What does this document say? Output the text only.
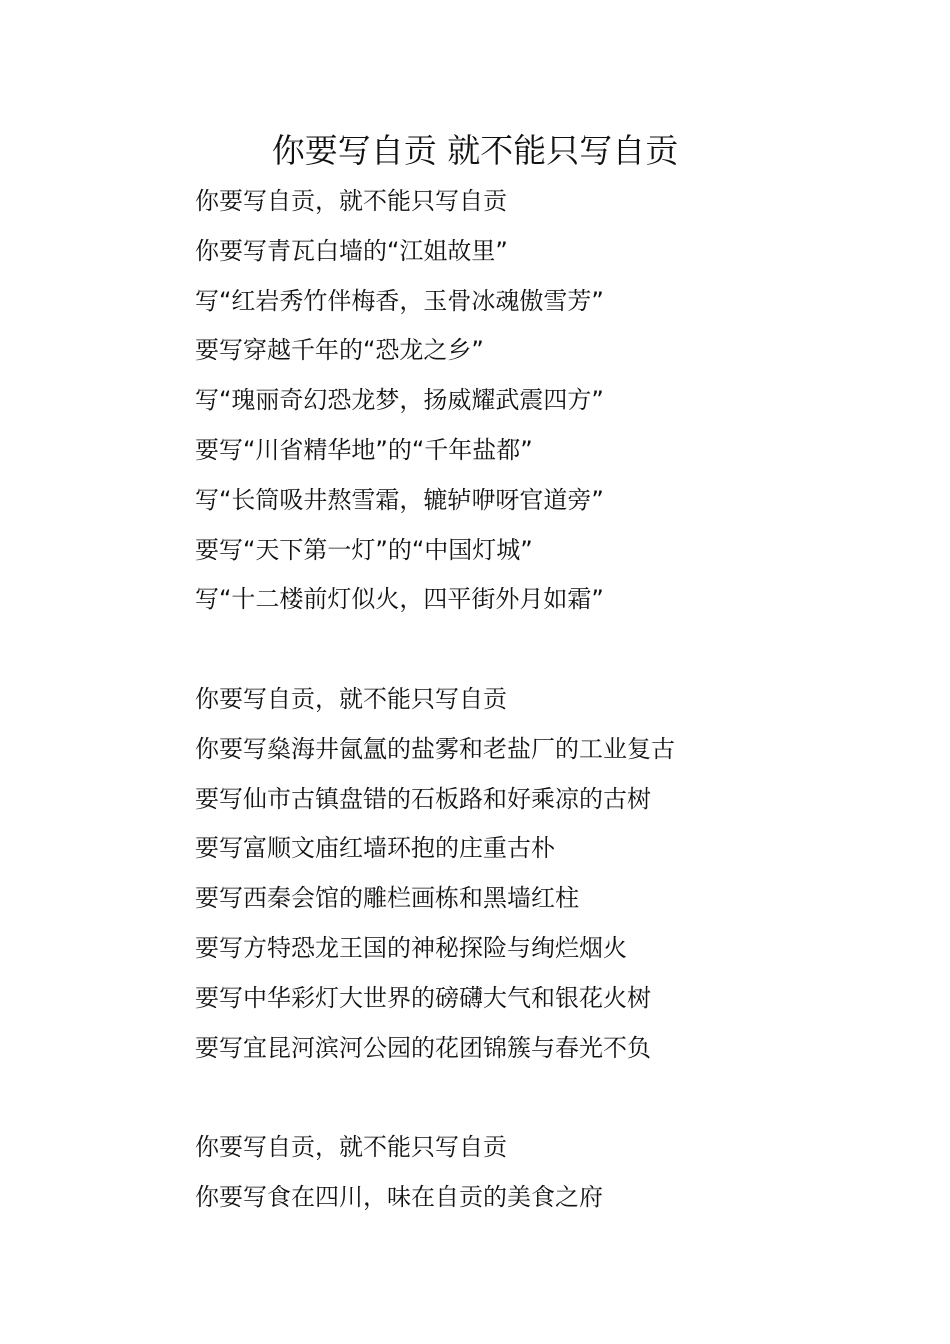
你要写自贡 就不能只写自贡
你要写自贡，就不能只写自贡
你要写青瓦白墙的“江姐故里”
写“红岩秀竹伴梅香，玉骨冰魂傲雪芳”
要写穿越千年的“恐龙之乡”
写“瑰丽奇幻恐龙梦，扬威耀武震四方”
要写“川省精华地”的“千年盐都”
写“长筒吸井熬雪霜，辘轳咿呀官道旁”
要写“天下第一灯”的“中国灯城”
写“十二楼前灯似火，四平街外月如霜”
你要写自贡，就不能只写自贡
你要写燊海井氤氲的盐雾和老盐厂的工业复古
要写仙市古镇盘错的石板路和好乘凉的古树
要写富顺文庙红墙环抱的庄重古朴
要写西秦会馆的雕栏画栋和黑墙红柱
要写方特恐龙王国的神秘探险与绚烂烟火
要写中华彩灯大世界的磅礴大气和银花火树
要写宜昆河滨河公园的花团锦簇与春光不负
你要写自贡，就不能只写自贡
你要写食在四川，味在自贡的美食之府
